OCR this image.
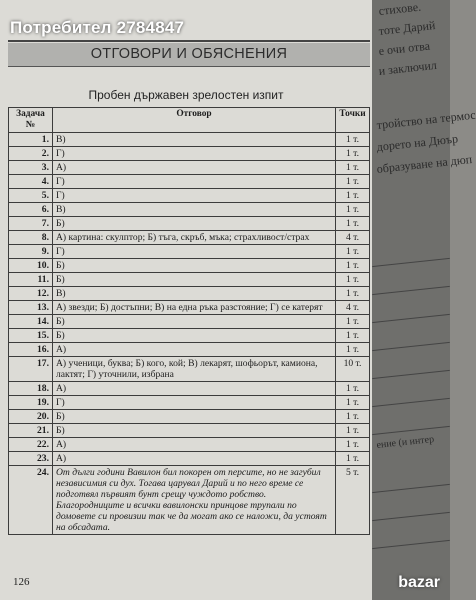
стихове.
тоте Дарий
е очи отва
и заключил
тройство на термос
дорето на Дюър
образуване на дюп
ение (и интер
ОТГОВОРИ И ОБЯСНЕНИЯ
Пробен държавен зрелостен изпит
Задача №	Отговор	Точки
1.	В)	1 т.
2.	Г)	1 т.
3.	А)	1 т.
4.	Г)	1 т.
5.	Г)	1 т.
6.	В)	1 т.
7.	Б)	1 т.
8.	А) картина: скулптор; Б) тъга, скръб, мъка; страхливост/страх	4 т.
9.	Г)	1 т.
10.	Б)	1 т.
11.	Б)	1 т.
12.	В)	1 т.
13.	А) звезди; Б) достъпни; В) на една ръка разстояние; Г) се катерят	4 т.
14.	Б)	1 т.
15.	Б)	1 т.
16.	А)	1 т.
17.	А) ученици, буквa; Б) кого, кой; В) лекарят, шофьорът, камиона, лактят; Г) уточнили, избрана	10 т.
18.	А)	1 т.
19.	Г)	1 т.
20.	Б)	1 т.
21.	Б)	1 т.
22.	А)	1 т.
23.	А)	1 т.
24.	От дълги години Вавилон бил покорен от персите, но не загубил независимия си дух. Тогава царувал Дарий и по него време се подготвял първият бунт срещу чуждото робство. Благородниците и всички вавилонски принцове трупали по домовете си провизии так че да могат ако се наложи, да устоят на обсадата.	5 т.
126
Потребител 2784847
bazar
